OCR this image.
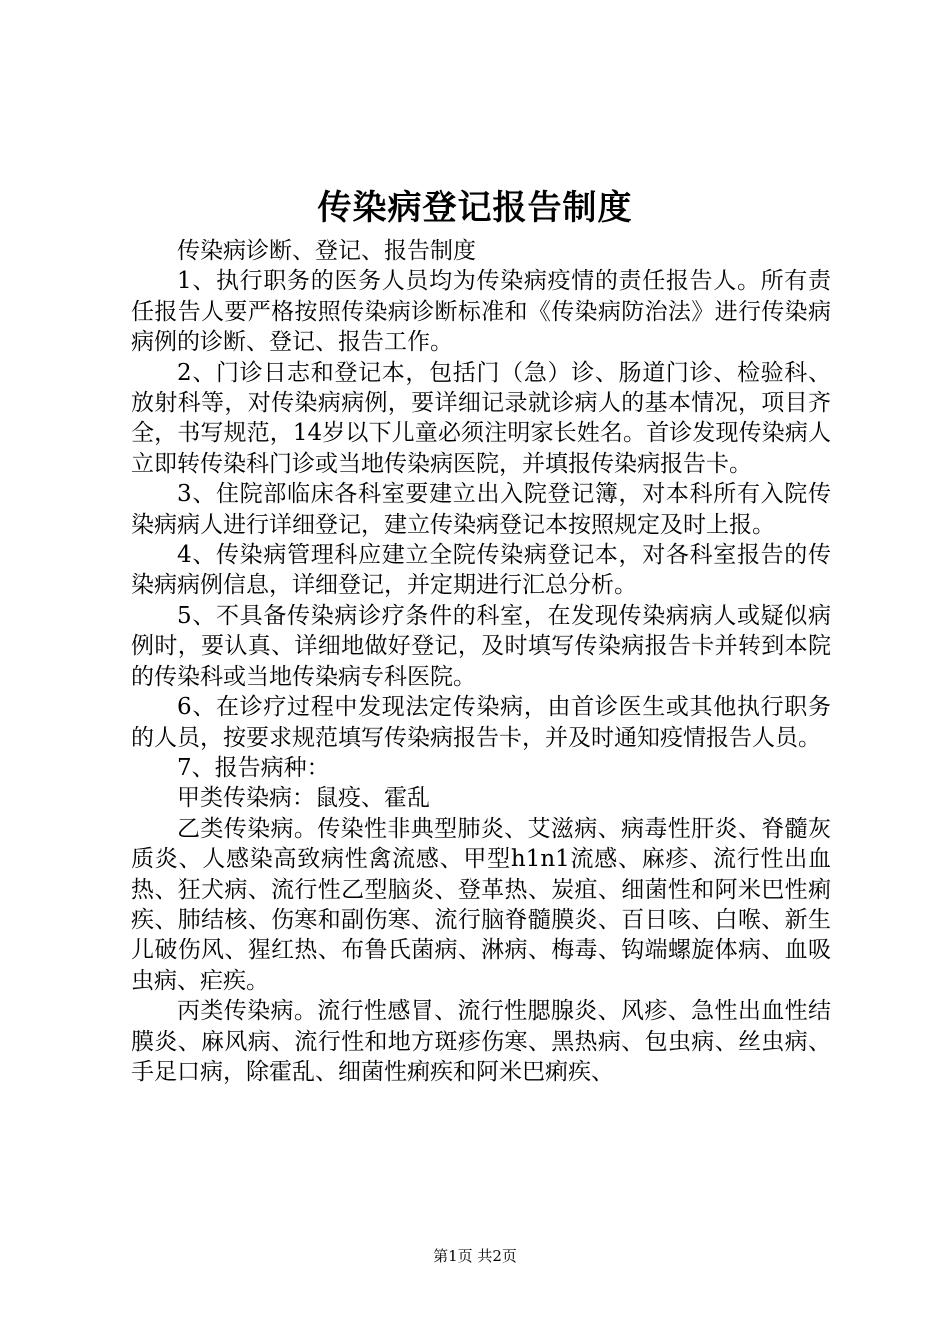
传染病登记报告制度

传染病诊断、登记、报告制度

1、执行职务的医务人员均为传染病疫情的责任报告人。所有责任报告人要严格按照传染病诊断标准和《传染病防治法》进行传染病病例的诊断、登记、报告工作。

2、门诊日志和登记本，包括门（急）诊、肠道门诊、检验科、放射科等，对传染病病例，要详细记录就诊病人的基本情况，项目齐全，书写规范，14岁以下儿童必须注明家长姓名。首诊发现传染病人立即转传染科门诊或当地传染病医院，并填报传染病报告卡。

3、住院部临床各科室要建立出入院登记簿，对本科所有入院传染病病人进行详细登记，建立传染病登记本按照规定及时上报。

4、传染病管理科应建立全院传染病登记本，对各科室报告的传染病病例信息，详细登记，并定期进行汇总分析。

5、不具备传染病诊疗条件的科室，在发现传染病病人或疑似病例时，要认真、详细地做好登记，及时填写传染病报告卡并转到本院的传染科或当地传染病专科医院。

6、在诊疗过程中发现法定传染病，由首诊医生或其他执行职务的人员，按要求规范填写传染病报告卡，并及时通知疫情报告人员。

7、报告病种：

甲类传染病：鼠疫、霍乱

乙类传染病。传染性非典型肺炎、艾滋病、病毒性肝炎、脊髓灰质炎、人感染高致病性禽流感、甲型h1n1流感、麻疹、流行性出血热、狂犬病、流行性乙型脑炎、登革热、炭疽、细菌性和阿米巴性痢疾、肺结核、伤寒和副伤寒、流行脑脊髓膜炎、百日咳、白喉、新生儿破伤风、猩红热、布鲁氏菌病、淋病、梅毒、钩端螺旋体病、血吸虫病、疟疾。

丙类传染病。流行性感冒、流行性腮腺炎、风疹、急性出血性结膜炎、麻风病、流行性和地方斑疹伤寒、黑热病、包虫病、丝虫病、手足口病，除霍乱、细菌性痢疾和阿米巴痢疾、

第1页 共2页
